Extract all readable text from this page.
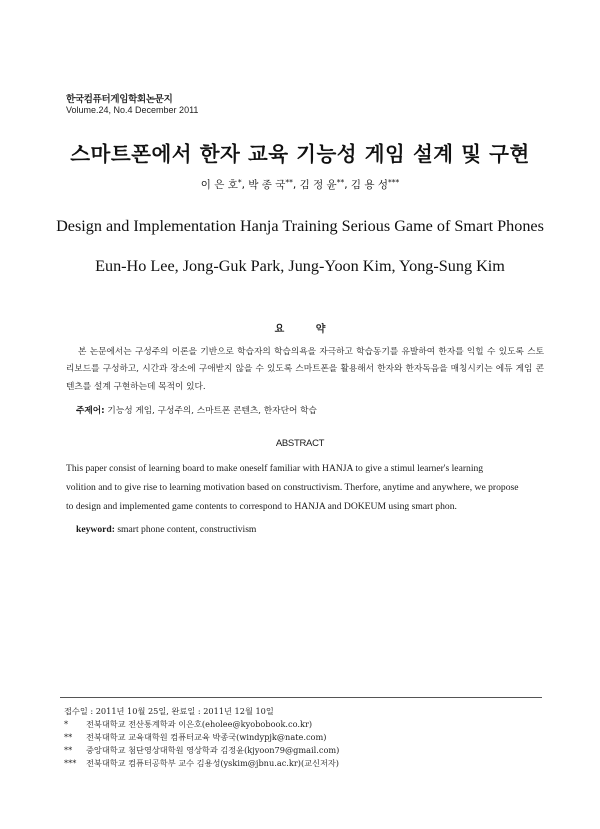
한국컴퓨터게임학회논문지
Volume.24, No.4 December 2011
스마트폰에서 한자 교육 기능성 게임 설계 및 구현
이 은 호*, 박 종 국**, 김 정 윤**, 김 용 성***
Design and Implementation Hanja Training Serious Game of Smart Phones
Eun-Ho Lee, Jong-Guk Park, Jung-Yoon Kim, Yong-Sung Kim
요 약
본 논문에서는 구성주의 이론을 기반으로 학습자의 학습의욕을 자극하고 학습동기를 유발하여 한자를 익힐 수 있도록 스토리보드를 구성하고, 시간과 장소에 구애받지 않을 수 있도록 스마트폰을 활용해서 한자와 한자독음을 매칭시키는 에듀 게임 콘텐츠를 설계 구현하는데 목적이 있다.
주제어: 기능성 게임, 구성주의, 스마트폰 콘텐츠, 한자단어 학습
ABSTRACT
This paper consist of learning board to make oneself familiar with HANJA to give a stimul learner's learning
volition and to give rise to learning motivation based on constructivism. Therfore, anytime and anywhere, we propose
to design and implemented game contents to correspond to HANJA and DOKEUM using smart phon.
keyword: smart phone content, constructivism
접수일 : 2011년 10월 25일, 완료일 : 2011년 12월 10일
* 전북대학교 전산통계학과 이은호(eholee@kyobobook.co.kr)
** 전북대학교 교육대학원 컴퓨터교육 박종국(windypjk@nate.com)
** 중앙대학교 첨단영상대학원 영상학과 김정윤(kjyoon79@gmail.com)
*** 전북대학교 컴퓨터공학부 교수 김용성(yskim@jbnu.ac.kr)(교신저자)
